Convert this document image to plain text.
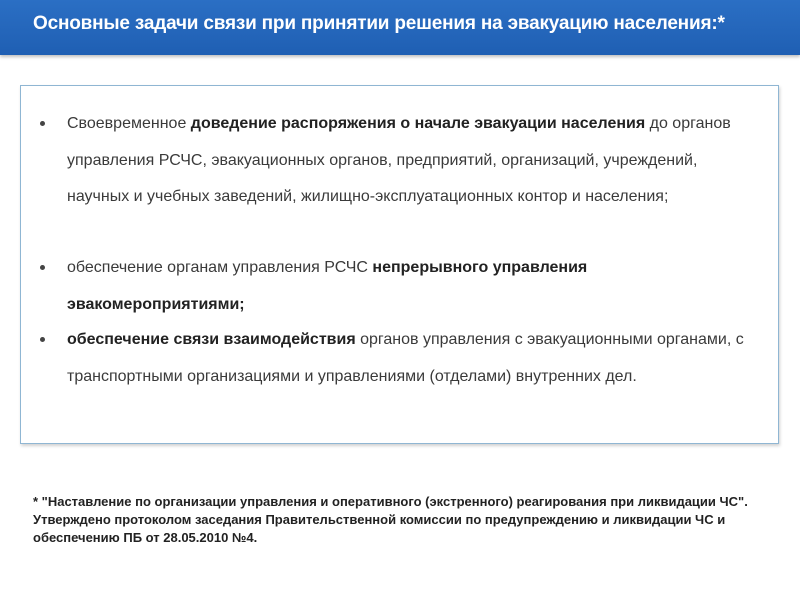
Основные задачи связи при принятии решения на эвакуацию населения:*
Своевременное доведение распоряжения о начале эвакуации населения до органов управления РСЧС, эвакуационных органов, предприятий, организаций, учреждений, научных и учебных заведений, жилищно-эксплуатационных контор и населения;
обеспечение органам управления РСЧС непрерывного управления эвакомероприятиями;
обеспечение связи взаимодействия органов управления с эвакуационными органами, с транспортными организациями и управлениями (отделами) внутренних дел.
* "Наставление по организации управления и оперативного (экстренного) реагирования при ликвидации ЧС". Утверждено протоколом заседания Правительственной комиссии по предупреждению и ликвидации ЧС и обеспечению ПБ от 28.05.2010 №4.
